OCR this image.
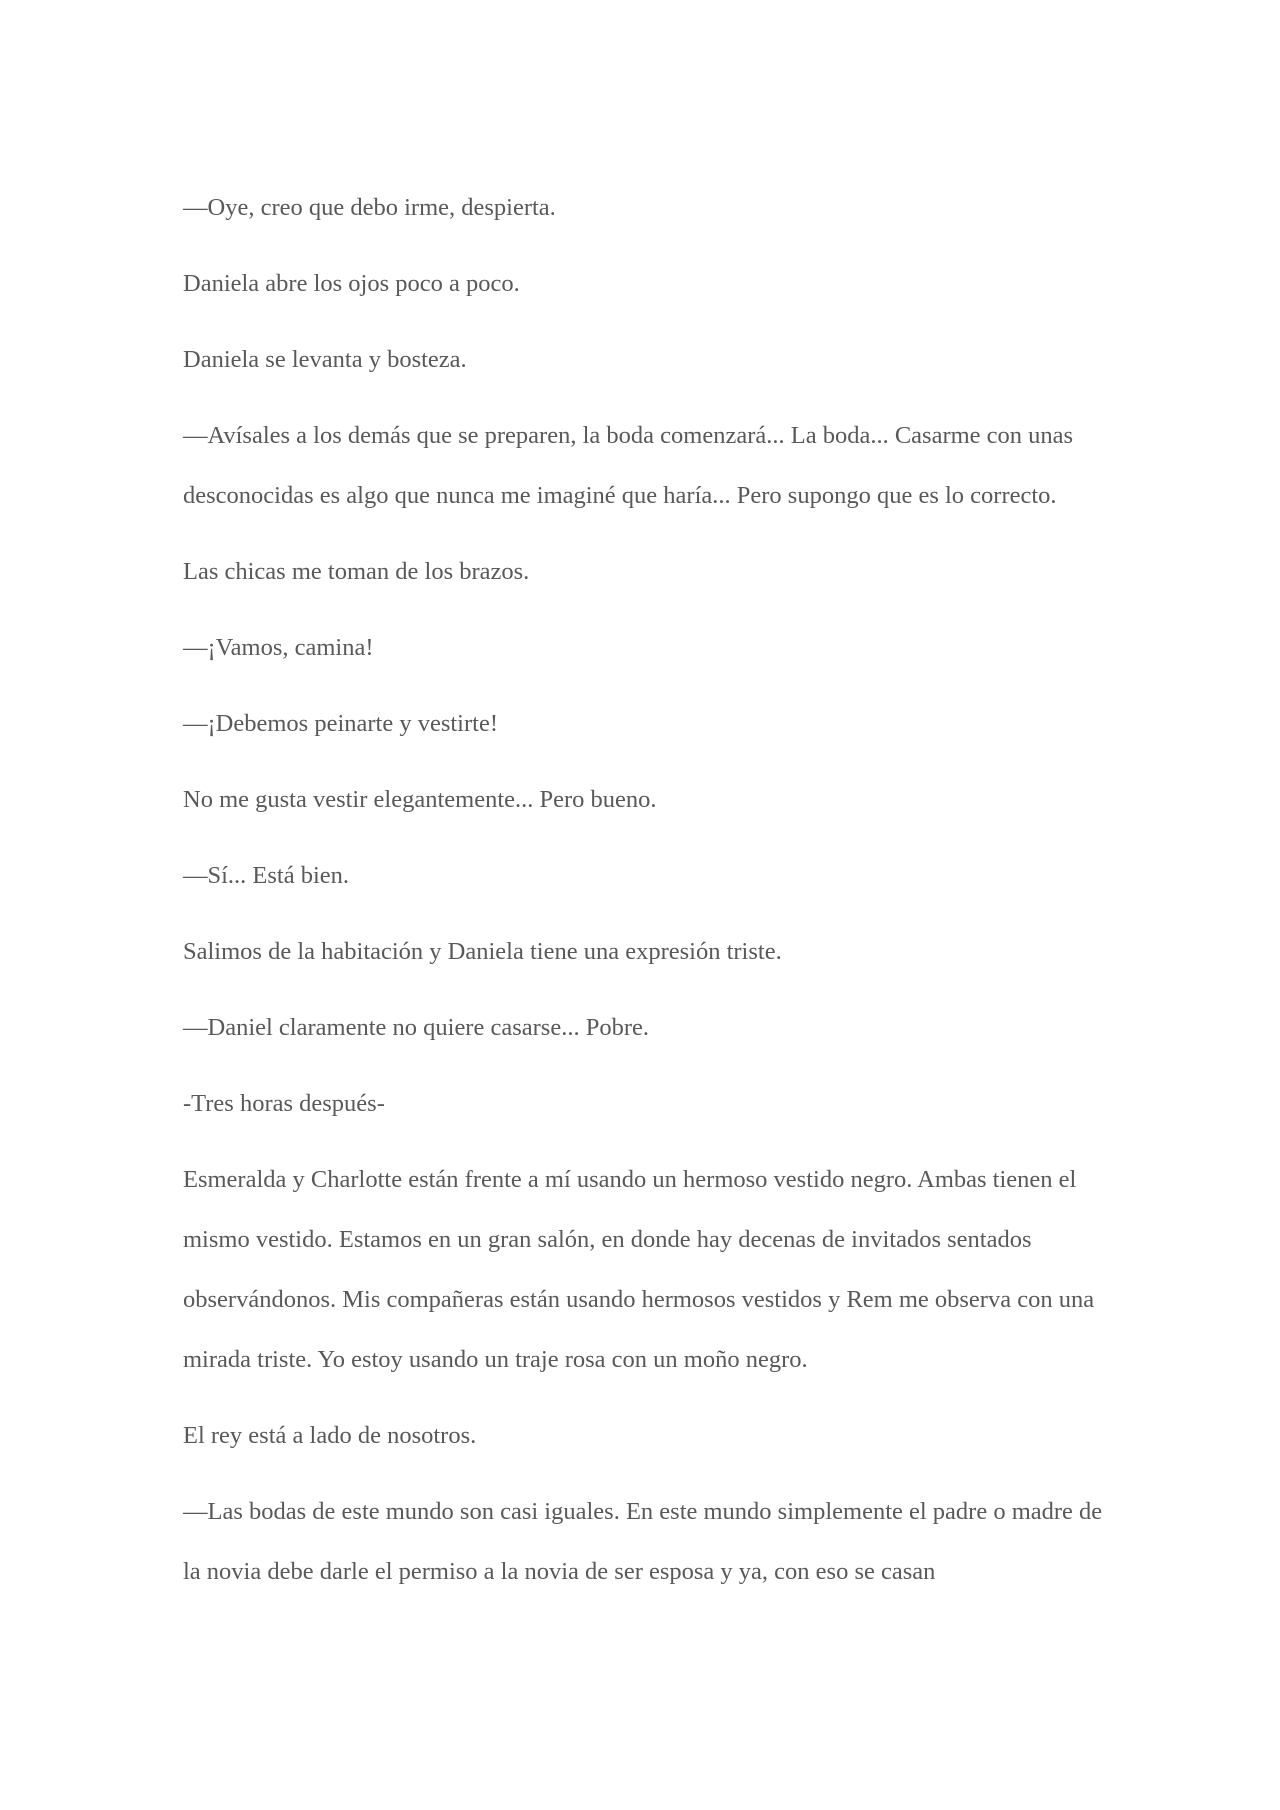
—Oye, creo que debo irme, despierta.

Daniela abre los ojos poco a poco.

Daniela se levanta y bosteza.

—Avísales a los demás que se preparen, la boda comenzará... La boda... Casarme con unas desconocidas es algo que nunca me imaginé que haría... Pero supongo que es lo correcto.

Las chicas me toman de los brazos.

—¡Vamos, camina!

—¡Debemos peinarte y vestirte!

No me gusta vestir elegantemente... Pero bueno.

—Sí... Está bien.

Salimos de la habitación y Daniela tiene una expresión triste.

—Daniel claramente no quiere casarse... Pobre.

-Tres horas después-

Esmeralda y Charlotte están frente a mí usando un hermoso vestido negro. Ambas tienen el mismo vestido. Estamos en un gran salón, en donde hay decenas de invitados sentados observándonos. Mis compañeras están usando hermosos vestidos y Rem me observa con una mirada triste. Yo estoy usando un traje rosa con un moño negro.

El rey está a lado de nosotros.

—Las bodas de este mundo son casi iguales. En este mundo simplemente el padre o madre de la novia debe darle el permiso a la novia de ser esposa y ya, con eso se casan
